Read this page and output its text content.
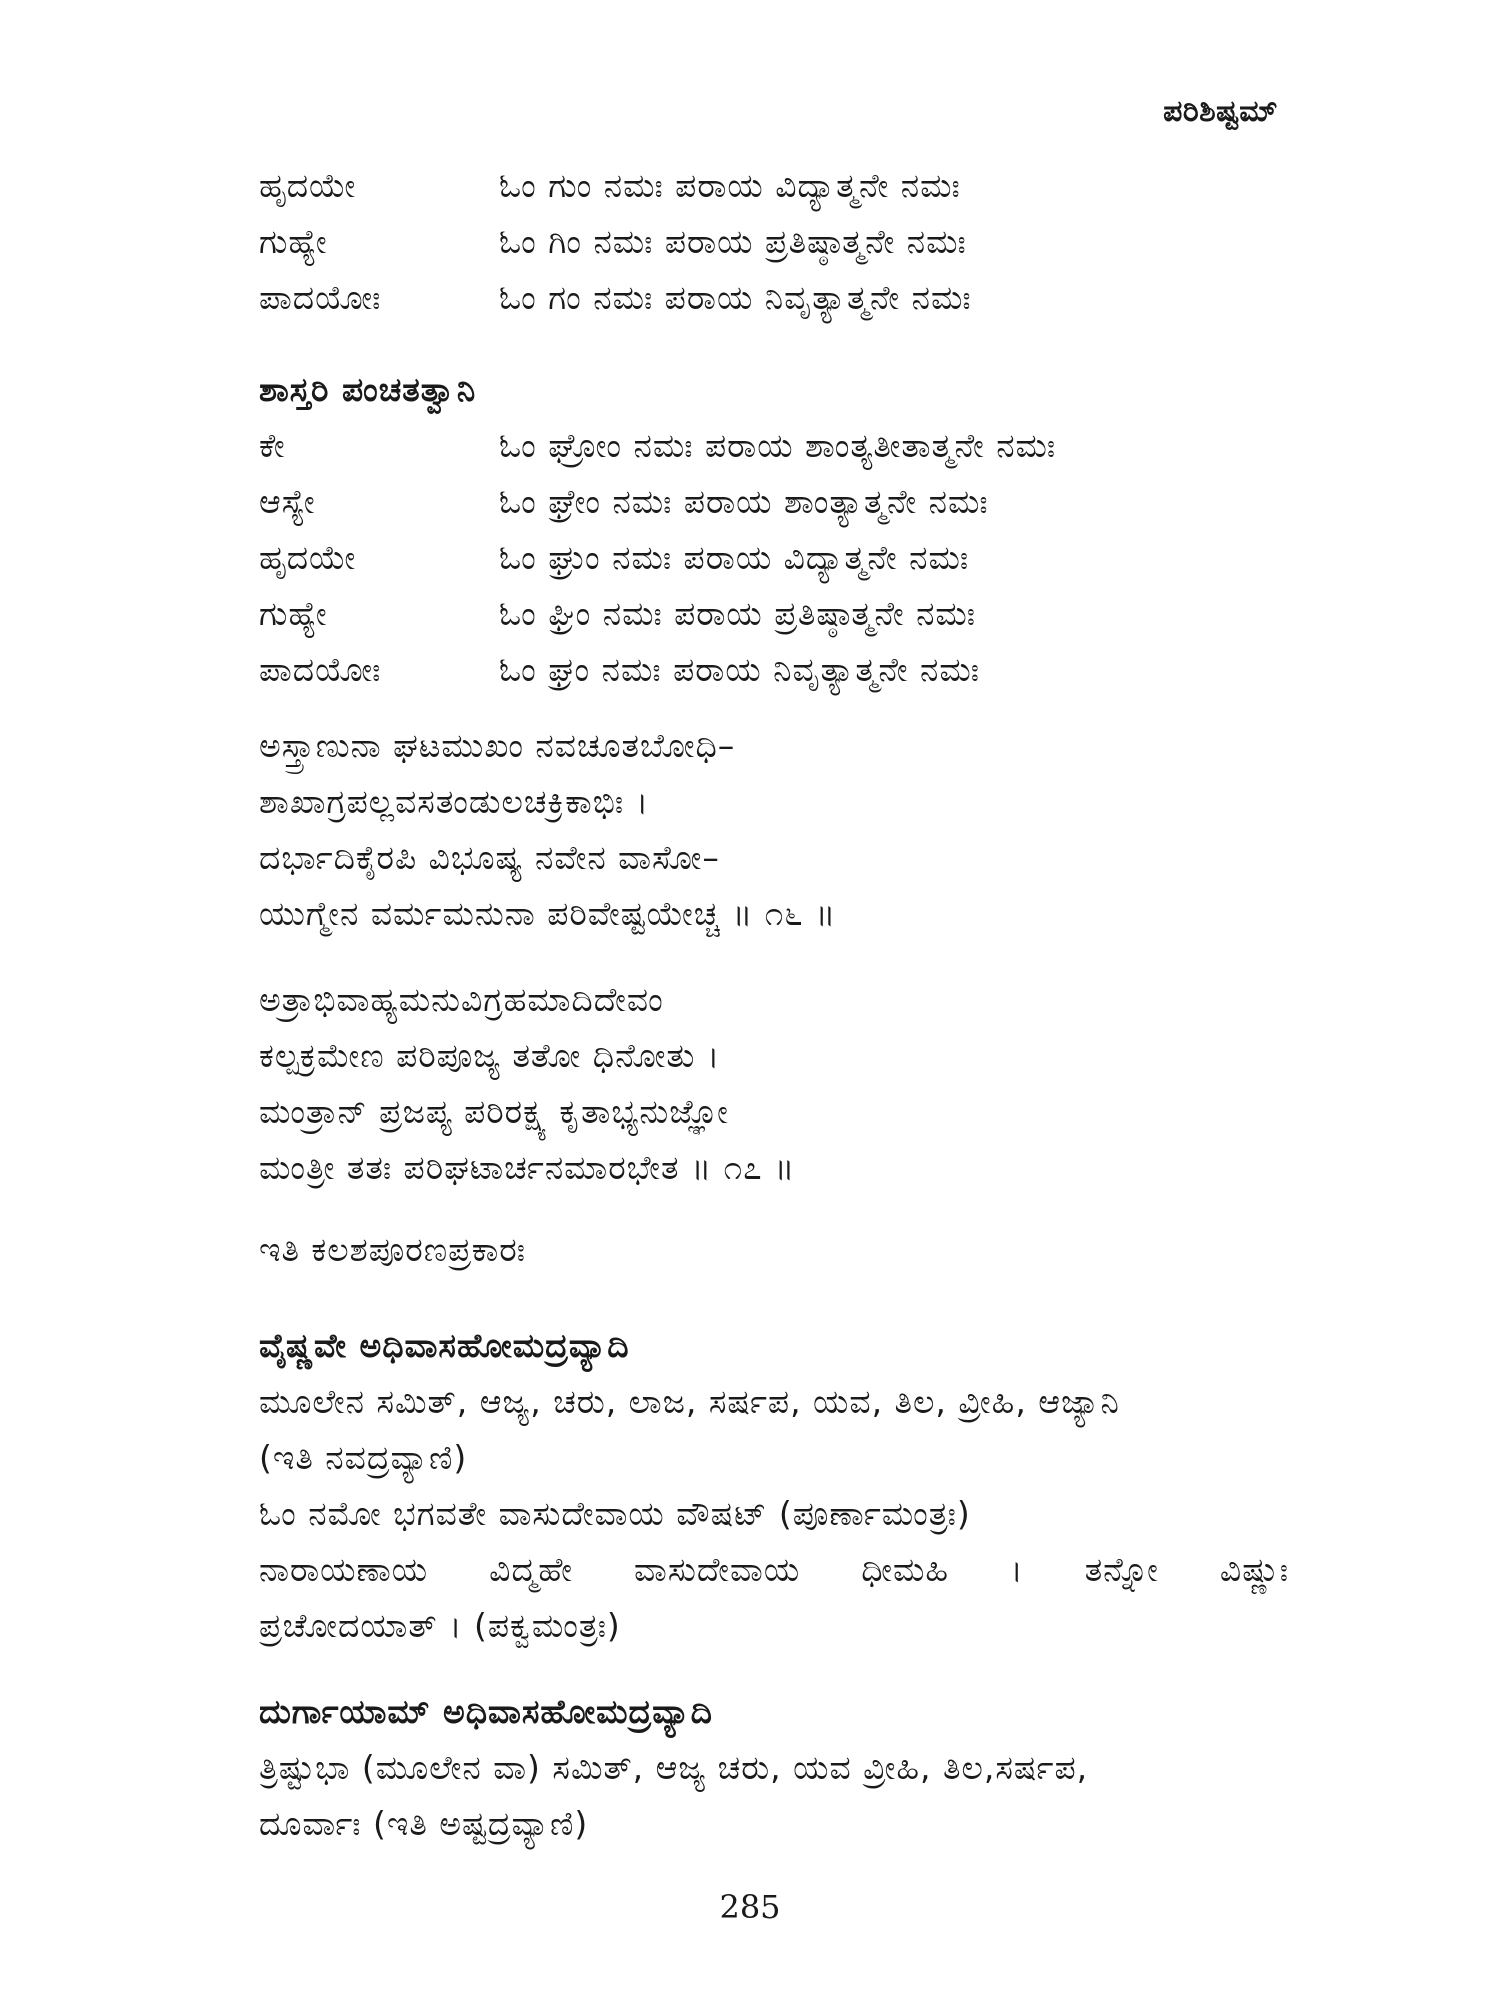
ಪರಿಶಿಷ್ಟಮ್
ಹೃದಯೇ	ಓಂ ಗುಂ ನಮಃ ಪರಾಯ ವಿದ್ಯಾತ್ಮನೇ ನಮಃ
ಗುಹ್ಯೇ	ಓಂ ಗಿಂ ನಮಃ ಪರಾಯ ಪ್ರತಿಷ್ಠಾತ್ಮನೇ ನಮಃ
ಪಾದಯೋಃ	ಓಂ ಗಂ ನಮಃ ಪರಾಯ ನಿವೃತ್ಯಾತ್ಮನೇ ನಮಃ
ಶಾಸ್ತರಿ ಪಂಚತತ್ವಾನಿ
ಕೇ	ಓಂ ಘ್ರೋಂ ನಮಃ ಪರಾಯ ಶಾಂತ್ಯತೀತಾತ್ಮನೇ ನಮಃ
ಆಸ್ಯೇ	ಓಂ ಘ್ರೇಂ ನಮಃ ಪರಾಯ ಶಾಂತ್ಯಾತ್ಮನೇ ನಮಃ
ಹೃದಯೇ	ಓಂ ಘ್ರುಂ ನಮಃ ಪರಾಯ ವಿದ್ಯಾತ್ಮನೇ ನಮಃ
ಗುಹ್ಯೇ	ಓಂ ಘ್ರಿಂ ನಮಃ ಪರಾಯ ಪ್ರತಿಷ್ಠಾತ್ಮನೇ ನಮಃ
ಪಾದಯೋಃ	ಓಂ ಘ್ರಂ ನಮಃ ಪರಾಯ ನಿವೃತ್ಯಾತ್ಮನೇ ನಮಃ
ಅಸ್ತ್ರಾಣುನಾ ಘಟಮುಖಂ ನವಚೂತಬೋಧಿ–
ಶಾಖಾಗ್ರಪಲ್ಲವಸತಂಡುಲಚಕ್ರಿಕಾಭಿಃ ।
ದರ್ಭಾದಿಕೈರಪಿ ವಿಭೂಷ್ಯ ನವೇನ ವಾಸೋ–
ಯುಗ್ಮೇನ ವರ್ಮಮನುನಾ ಪರಿವೇಷ್ಟಯೇಚ್ಚ ॥ ೧೬ ॥
ಅತ್ರಾಭಿವಾಹ್ಯಮನುವಿಗ್ರಹಮಾದಿದೇವಂ
ಕಲ್ಪಕ್ರಮೇಣ ಪರಿಪೂಜ್ಯ ತತೋ ಧಿನೋತು ।
ಮಂತ್ರಾನ್ ಪ್ರಜಪ್ಯ ಪರಿರಕ್ಷ್ಯ ಕೃತಾಭ್ಯನುಜ್ಞೋ
ಮಂತ್ರೀ ತತಃ ಪರಿಘಟಾರ್ಚನಮಾರಭೇತ ॥ ೧೭ ॥
ಇತಿ ಕಲಶಪೂರಣಪ್ರಕಾರಃ
ವೈಷ್ಣವೇ ಅಧಿವಾಸಹೋಮದ್ರವ್ಯಾದಿ
ಮೂಲೇನ ಸಮಿತ್, ಆಜ್ಯ, ಚರು, ಲಾಜ, ಸರ್ಷಪ, ಯವ, ತಿಲ, ವ್ರೀಹಿ, ಆಜ್ಯಾನಿ
(ಇತಿ ನವದ್ರವ್ಯಾಣಿ)
ಓಂ ನಮೋ ಭಗವತೇ ವಾಸುದೇವಾಯ ವೌಷಟ್ (ಪೂರ್ಣಾಮಂತ್ರಃ)
ನಾರಾಯಣಾಯ ವಿದ್ಮಹೇ ವಾಸುದೇವಾಯ ಧೀಮಹಿ । ತನ್ನೋ ವಿಷ್ಣುಃ
ಪ್ರಚೋದಯಾತ್ । (ಪಕ್ವಮಂತ್ರಃ)
ದುರ್ಗಾಯಾಮ್ ಅಧಿವಾಸಹೋಮದ್ರವ್ಯಾದಿ
ತ್ರಿಷ್ಟುಭಾ (ಮೂಲೇನ ವಾ) ಸಮಿತ್, ಆಜ್ಯ ಚರು, ಯವ ವ್ರೀಹಿ, ತಿಲ,ಸರ್ಷಪ,
ದೂರ್ವಾಃ (ಇತಿ ಅಷ್ಟದ್ರವ್ಯಾಣಿ)
285
